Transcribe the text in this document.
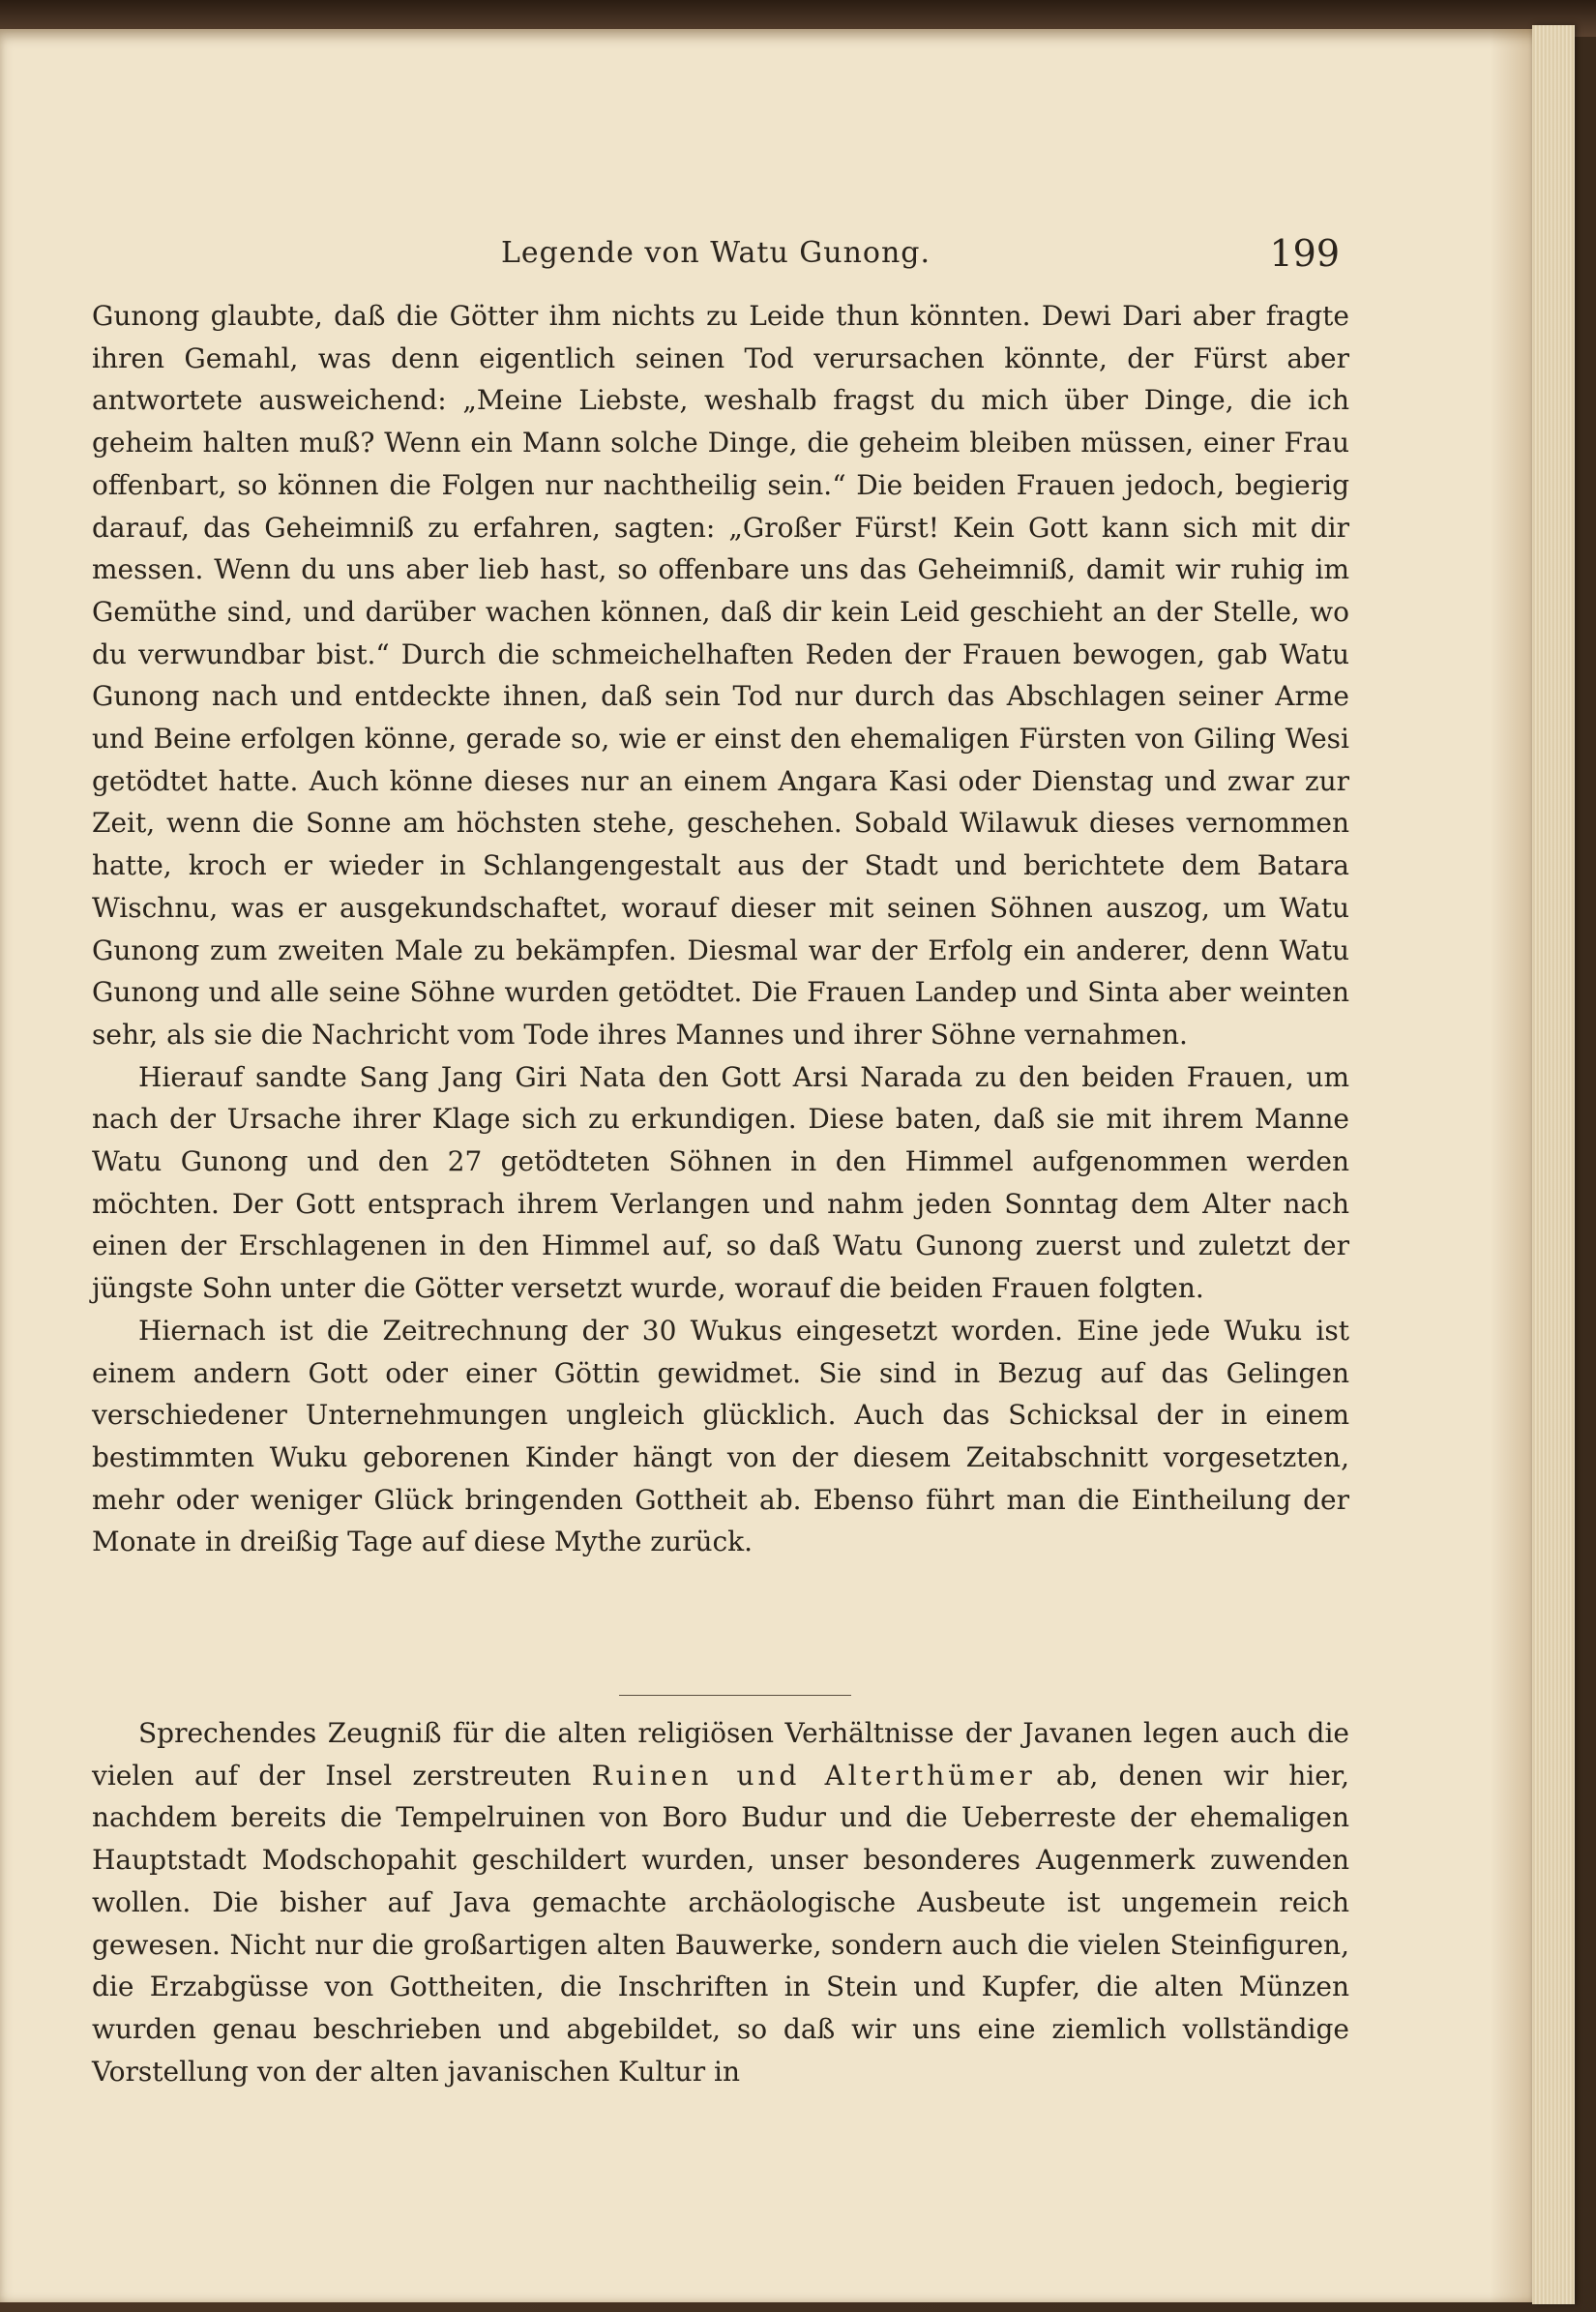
Legende von Watu Gunong.	199

Gunong glaubte, daß die Götter ihm nichts zu Leide thun könnten. Dewi Dari aber fragte ihren Gemahl, was denn eigentlich seinen Tod verursachen könnte, der Fürst aber antwortete ausweichend: „Meine Liebste, weshalb fragst du mich über Dinge, die ich geheim halten muß? Wenn ein Mann solche Dinge, die geheim bleiben müssen, einer Frau offenbart, so können die Folgen nur nachtheilig sein.“ Die beiden Frauen jedoch, begierig darauf, das Geheimniß zu erfahren, sagten: „Großer Fürst! Kein Gott kann sich mit dir messen. Wenn du uns aber lieb hast, so offenbare uns das Geheimniß, damit wir ruhig im Gemüthe sind, und darüber wachen können, daß dir kein Leid geschieht an der Stelle, wo du verwundbar bist.“ Durch die schmeichelhaften Reden der Frauen bewogen, gab Watu Gunong nach und entdeckte ihnen, daß sein Tod nur durch das Abschlagen seiner Arme und Beine erfolgen könne, gerade so, wie er einst den ehemaligen Fürsten von Giling Wesi getödtet hatte. Auch könne dieses nur an einem Angara Kasi oder Dienstag und zwar zur Zeit, wenn die Sonne am höchsten stehe, geschehen. Sobald Wilawuk dieses vernommen hatte, kroch er wieder in Schlangengestalt aus der Stadt und berichtete dem Batara Wischnu, was er ausgekundschaftet, worauf dieser mit seinen Söhnen auszog, um Watu Gunong zum zweiten Male zu bekämpfen. Diesmal war der Erfolg ein anderer, denn Watu Gunong und alle seine Söhne wurden getödtet. Die Frauen Landep und Sinta aber weinten sehr, als sie die Nachricht vom Tode ihres Mannes und ihrer Söhne vernahmen.

Hierauf sandte Sang Jang Giri Nata den Gott Arsi Narada zu den beiden Frauen, um nach der Ursache ihrer Klage sich zu erkundigen. Diese baten, daß sie mit ihrem Manne Watu Gunong und den 27 getödteten Söhnen in den Himmel aufgenommen werden möchten. Der Gott entsprach ihrem Verlangen und nahm jeden Sonntag dem Alter nach einen der Erschlagenen in den Himmel auf, so daß Watu Gunong zuerst und zuletzt der jüngste Sohn unter die Götter versetzt wurde, worauf die beiden Frauen folgten.

Hiernach ist die Zeitrechnung der 30 Wukus eingesetzt worden. Eine jede Wuku ist einem andern Gott oder einer Göttin gewidmet. Sie sind in Bezug auf das Gelingen verschiedener Unternehmungen ungleich glücklich. Auch das Schicksal der in einem bestimmten Wuku geborenen Kinder hängt von der diesem Zeitabschnitt vorgesetzten, mehr oder weniger Glück bringenden Gottheit ab. Ebenso führt man die Eintheilung der Monate in dreißig Tage auf diese Mythe zurück.

Sprechendes Zeugniß für die alten religiösen Verhältnisse der Javanen legen auch die vielen auf der Insel zerstreuten Ruinen und Alterthümer ab, denen wir hier, nachdem bereits die Tempelruinen von Boro Budur und die Ueberreste der ehemaligen Hauptstadt Modschopahit geschildert wurden, unser besonderes Augenmerk zuwenden wollen. Die bisher auf Java gemachte archäologische Ausbeute ist ungemein reich gewesen. Nicht nur die großartigen alten Bauwerke, sondern auch die vielen Steinfiguren, die Erzabgüsse von Gottheiten, die Inschriften in Stein und Kupfer, die alten Münzen wurden genau beschrieben und abgebildet, so daß wir uns eine ziemlich vollständige Vorstellung von der alten javanischen Kultur in
